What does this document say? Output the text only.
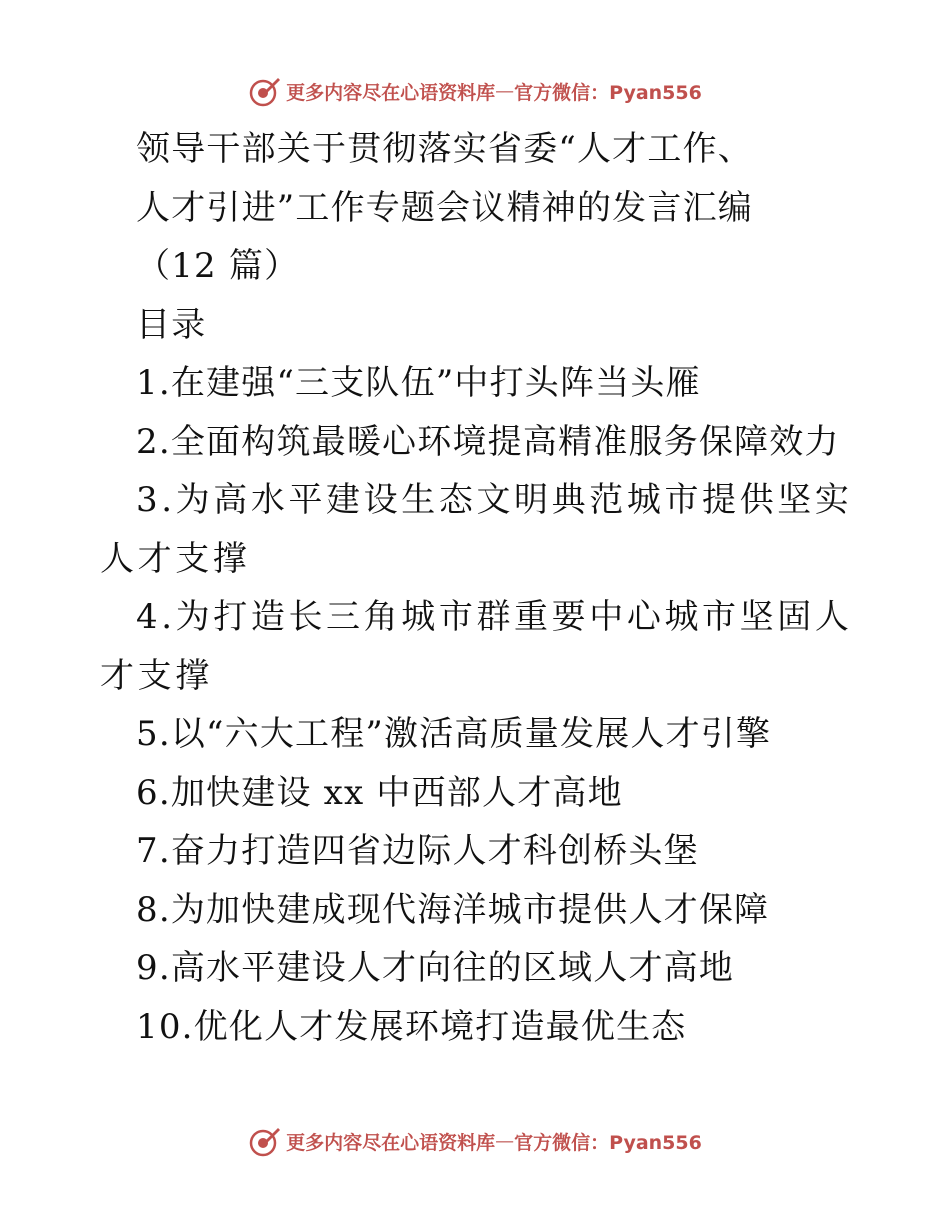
更多内容尽在心语资料库 — 官方微信：Pyan556
领导干部关于贯彻落实省委“人才工作、
人才引进”工作专题会议精神的发言汇编
（12 篇）
目录
1.在建强“三支队伍”中打头阵当头雁
2.全面构筑最暖心环境提高精准服务保障效力
3.为高水平建设生态文明典范城市提供坚实人才支撑
4.为打造长三角城市群重要中心城市坚固人才支撑
5.以“六大工程”激活高质量发展人才引擎
6.加快建设 xx 中西部人才高地
7.奋力打造四省边际人才科创桥头堡
8.为加快建成现代海洋城市提供人才保障
9.高水平建设人才向往的区域人才高地
10.优化人才发展环境打造最优生态
更多内容尽在心语资料库 — 官方微信：Pyan556
